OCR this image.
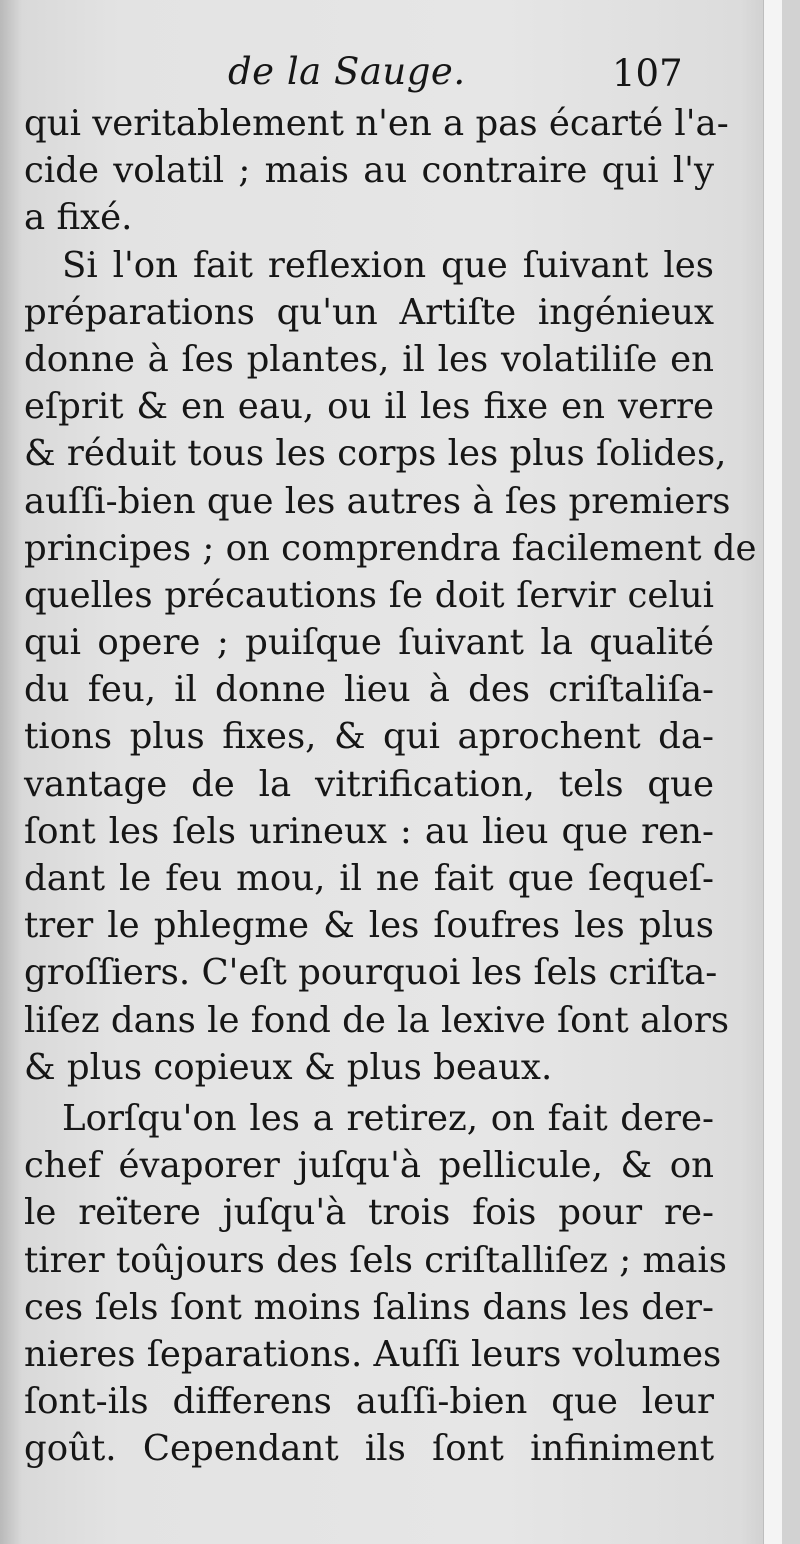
de la Sauge.	107
qui veritablement n'en a pas écarté l'a-
cide volatil ; mais au contraire qui l'y
a fixé.
Si l'on fait reflexion que ſuivant les
préparations qu'un Artiſte ingénieux
donne à ſes plantes, il les volatiliſe en
eſprit & en eau, ou il les fixe en verre
& réduit tous les corps les plus ſolides,
auſſi-bien que les autres à ſes premiers
principes ; on comprendra facilement de
quelles précautions ſe doit ſervir celui
qui opere ; puiſque ſuivant la qualité
du feu, il donne lieu à des criſtaliſa-
tions plus fixes, & qui aprochent da-
vantage de la vitrification, tels que
ſont les ſels urineux : au lieu que ren-
dant le feu mou, il ne fait que ſequeſ-
trer le phlegme & les ſoufres les plus
groſſiers. C'eſt pourquoi les ſels criſta-
liſez dans le fond de la lexive ſont alors
& plus copieux & plus beaux.
Lorſqu'on les a retirez, on fait dere-
chef évaporer juſqu'à pellicule, & on
le reïtere juſqu'à trois fois pour re-
tirer toûjours des ſels criſtalliſez ; mais
ces ſels ſont moins ſalins dans les der-
nieres ſeparations. Auſſi leurs volumes
ſont-ils differens auſſi-bien que leur
goût. Cependant ils ſont infiniment
